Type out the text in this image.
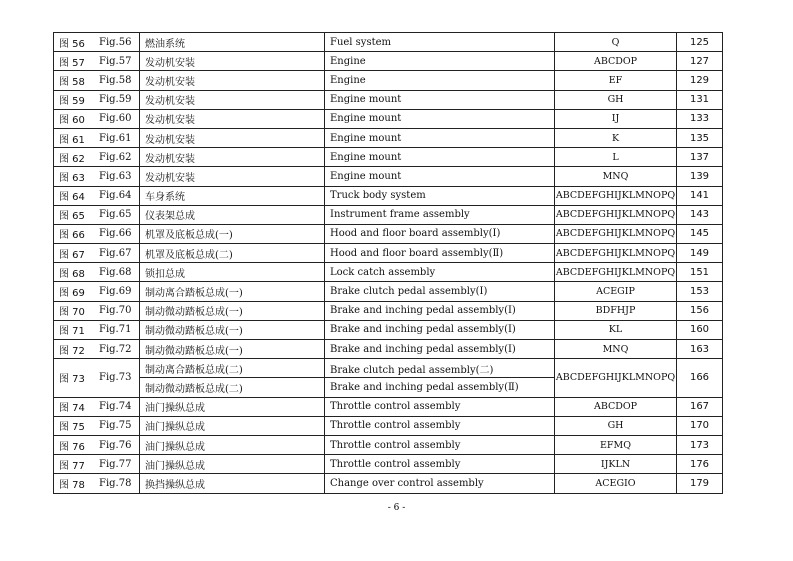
图 56	Fig.56	燃油系统	Fuel system	Q	125
图 57	Fig.57	发动机安装	Engine	ABCDOP	127
图 58	Fig.58	发动机安装	Engine	EF	129
图 59	Fig.59	发动机安装	Engine mount	GH	131
图 60	Fig.60	发动机安装	Engine mount	IJ	133
图 61	Fig.61	发动机安装	Engine mount	K	135
图 62	Fig.62	发动机安装	Engine mount	L	137
图 63	Fig.63	发动机安装	Engine mount	MNQ	139
图 64	Fig.64	车身系统	Truck body system	ABCDEFGHIJKLMNOPQ	141
图 65	Fig.65	仪表架总成	Instrument frame assembly	ABCDEFGHIJKLMNOPQ	143
图 66	Fig.66	机罩及底板总成(一)	Hood and floor board assembly(Ⅰ)	ABCDEFGHIJKLMNOPQ	145
图 67	Fig.67	机罩及底板总成(二)	Hood and floor board assembly(Ⅱ)	ABCDEFGHIJKLMNOPQ	149
图 68	Fig.68	锁扣总成	Lock catch assembly	ABCDEFGHIJKLMNOPQ	151
图 69	Fig.69	制动离合踏板总成(一)	Brake clutch pedal assembly(Ⅰ)	ACEGIP	153
图 70	Fig.70	制动微动踏板总成(一)	Brake and inching pedal assembly(Ⅰ)	BDFHJP	156
图 71	Fig.71	制动微动踏板总成(一)	Brake and inching pedal assembly(Ⅰ)	KL	160
图 72	Fig.72	制动微动踏板总成(一)	Brake and inching pedal assembly(Ⅰ)	MNQ	163
图 73	Fig.73	制动离合踏板总成(二)	Brake clutch pedal assembly(二)	ABCDEFGHIJKLMNOPQ	166
		制动微动踏板总成(二)	Brake and inching pedal assembly(Ⅱ)		
图 74	Fig.74	油门操纵总成	Throttle control assembly	ABCDOP	167
图 75	Fig.75	油门操纵总成	Throttle control assembly	GH	170
图 76	Fig.76	油门操纵总成	Throttle control assembly	EFMQ	173
图 77	Fig.77	油门操纵总成	Throttle control assembly	IJKLN	176
图 78	Fig.78	换挡操纵总成	Change over control assembly	ACEGIO	179
- 6 -
